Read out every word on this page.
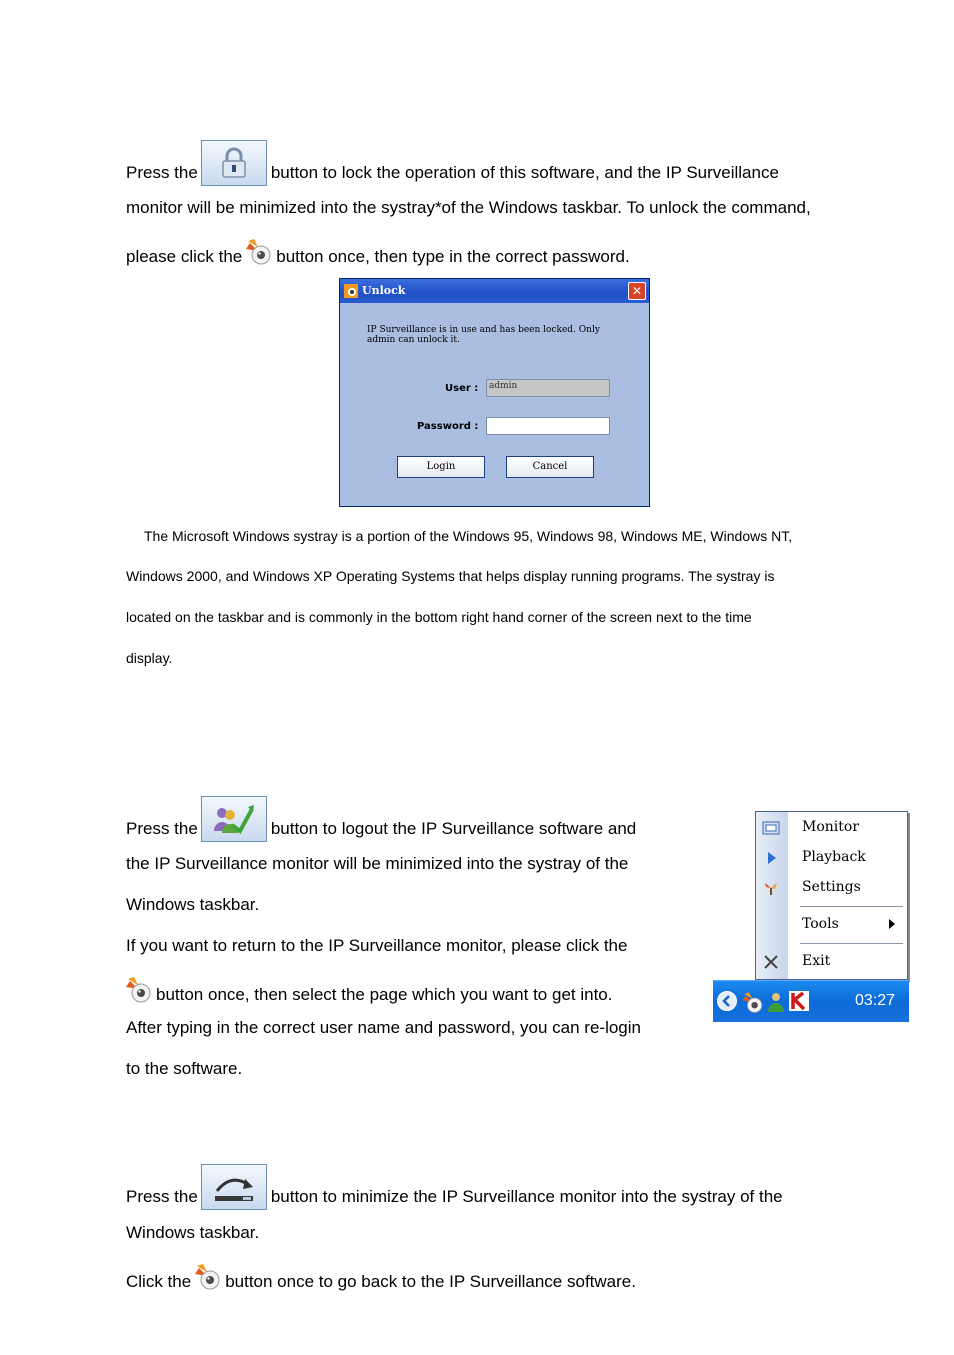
Press the	button to lock the operation of this software, and the IP Surveillance
monitor will be minimized into the systray*of the Windows taskbar. To unlock the command,
please click the button once, then type in the correct password.
Unlock	✕
IP Surveillance is in use and has been locked. Only admin can unlock it.
User :	admin
Password :
Login	Cancel
The Microsoft Windows systray is a portion of the Windows 95, Windows 98, Windows ME, Windows NT,
Windows 2000, and Windows XP Operating Systems that helps display running programs. The systray is
located on the taskbar and is commonly in the bottom right hand corner of the screen next to the time
display.
Press the	button to logout the IP Surveillance software and
the IP Surveillance monitor will be minimized into the systray of the
Windows taskbar.
If you want to return to the IP Surveillance monitor, please click the
button once, then select the page which you want to get into.
After typing in the correct user name and password, you can re-login
to the software.
Monitor
Playback
Settings
Tools
Exit
03:27
Press the	button to minimize the IP Surveillance monitor into the systray of the
Windows taskbar.
Click the button once to go back to the IP Surveillance software.
